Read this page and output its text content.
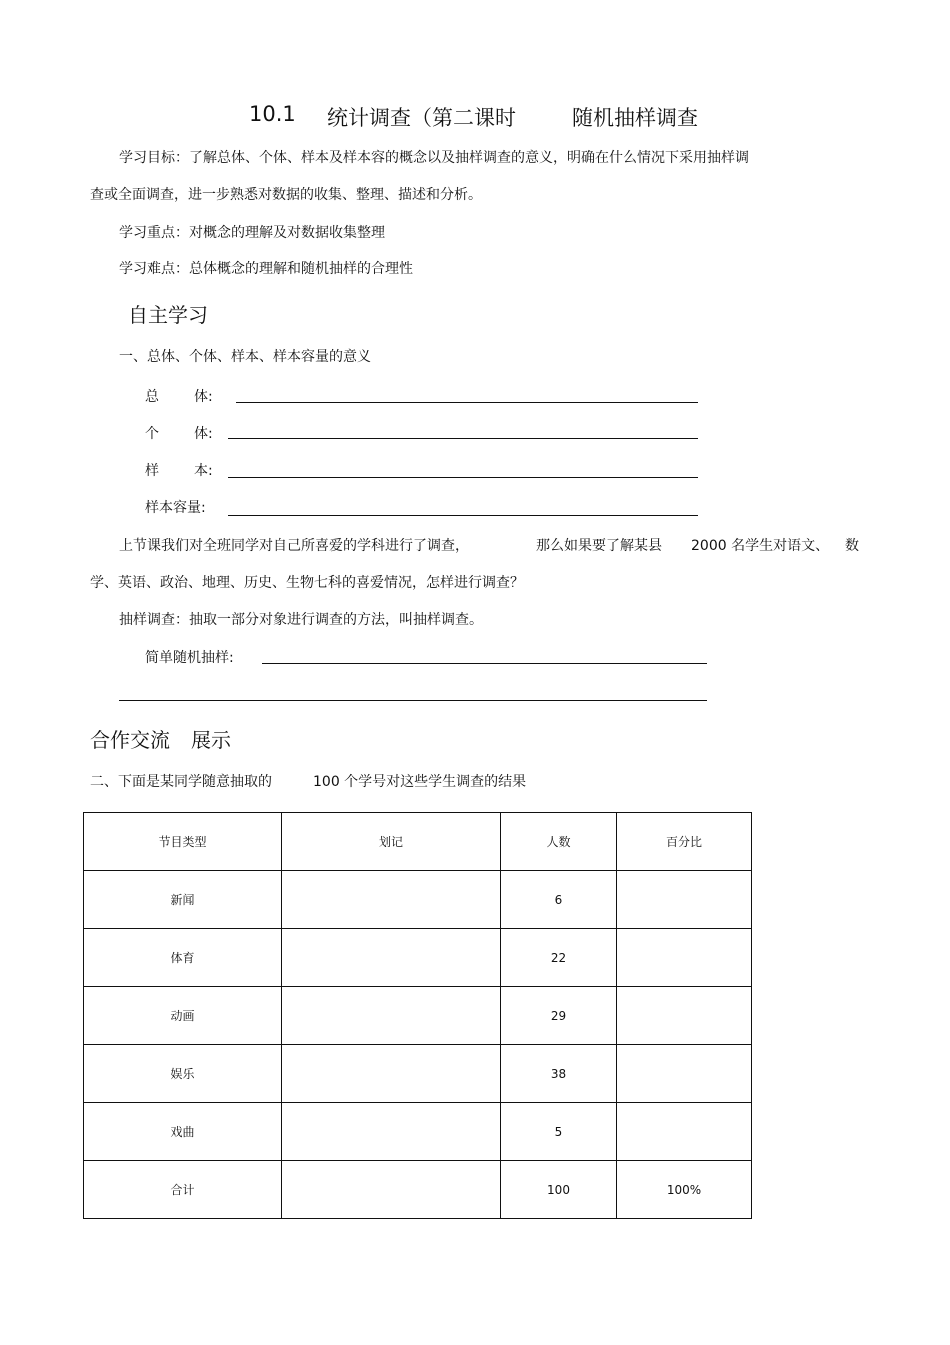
10.1 统计调查（第二课时	随机抽样调查
学习目标：了解总体、个体、样本及样本容的概念以及抽样调查的意义，明确在什么情况下采用抽样调
查或全面调查，进一步熟悉对数据的收集、整理、描述和分析。
学习重点：对概念的理解及对数据收集整理
学习难点：总体概念的理解和随机抽样的合理性
自主学习
一、总体、个体、样本、样本容量的意义
总	体:
个	体:
样	本:
样本容量:
上节课我们对全班同学对自己所喜爱的学科进行了调查，	那么如果要了解某县 2000 名学生对语文、 数
学、英语、政治、地理、历史、生物七科的喜爱情况，怎样进行调查？
抽样调查：抽取一部分对象进行调查的方法，叫抽样调查。
简单随机抽样:
合作交流 展示
二、下面是某同学随意抽取的	100 个学号对这些学生调查的结果
节目类型	划记	人数	百分比
新闻		6	
体育		22	
动画		29	
娱乐		38	
戏曲		5	
合计		100	100%
